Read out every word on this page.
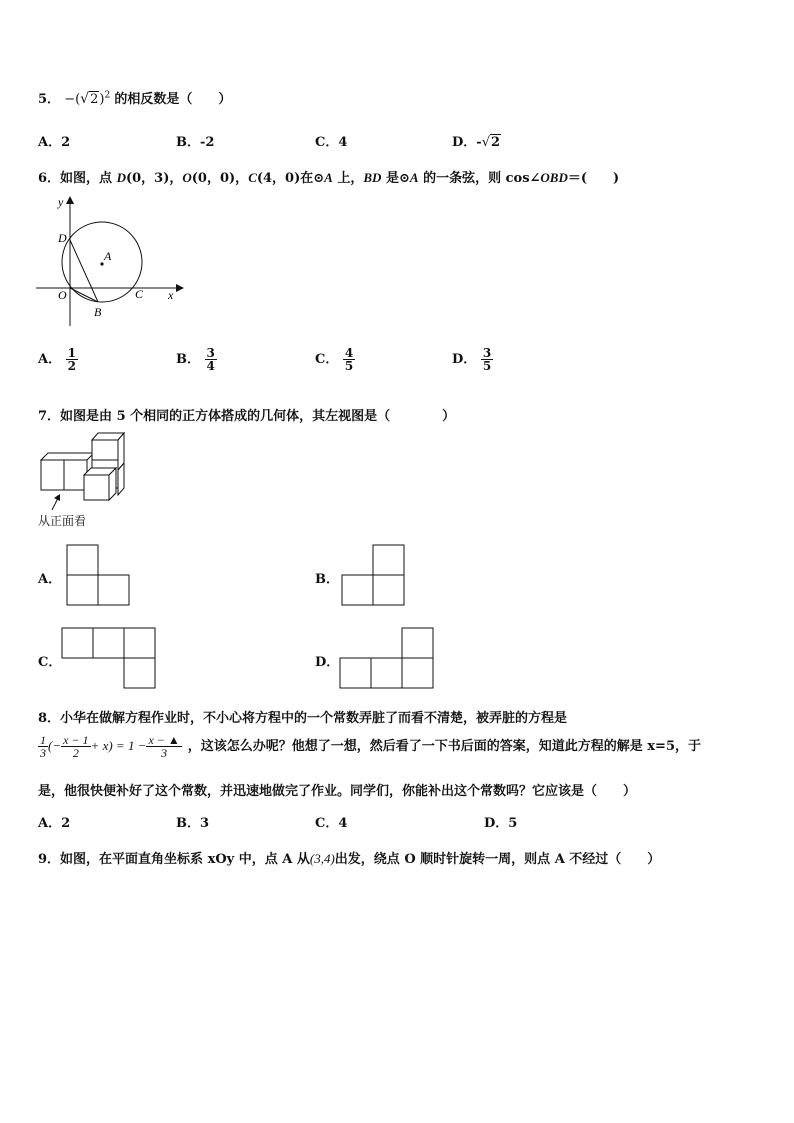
5． $-(√2)^2$ 的相反数是（　　）
A．2	B．-2	C．4	D．-√2
6．如图，点 D(0，3)，O(0，0)，C(4，0)在⊙A 上，BD 是⊙A 的一条弦，则 cos∠OBD＝(　　)
y
x
D
A
O	C
B
A． $\frac{1}{2}$	B． $\frac{3}{4}$	C． $\frac{4}{5}$	D． $\frac{3}{5}$
7．如图是由 5 个相同的正方体搭成的几何体，其左视图是（　　　　）
从正面看
A．	B．
C．	D．
8．小华在做解方程作业时，不小心将方程中的一个常数弄脏了而看不清楚，被弄脏的方程是
$\frac{1}{3}$ (− $\frac{x - 1}{2} + x) = 1 - \frac{x - ▲}{3}$ ，这该怎么办呢？他想了一想，然后看了一下书后面的答案，知道此方程的解是 x=5，于
是，他很快便补好了这个常数，并迅速地做完了作业。同学们，你能补出这个常数吗？它应该是（　　）
A．2	B．3	C．4	D．5
9．如图，在平面直角坐标系 xOy 中，点 A 从(3,4)出发，绕点 O 顺时针旋转一周，则点 A 不经过（　　）
